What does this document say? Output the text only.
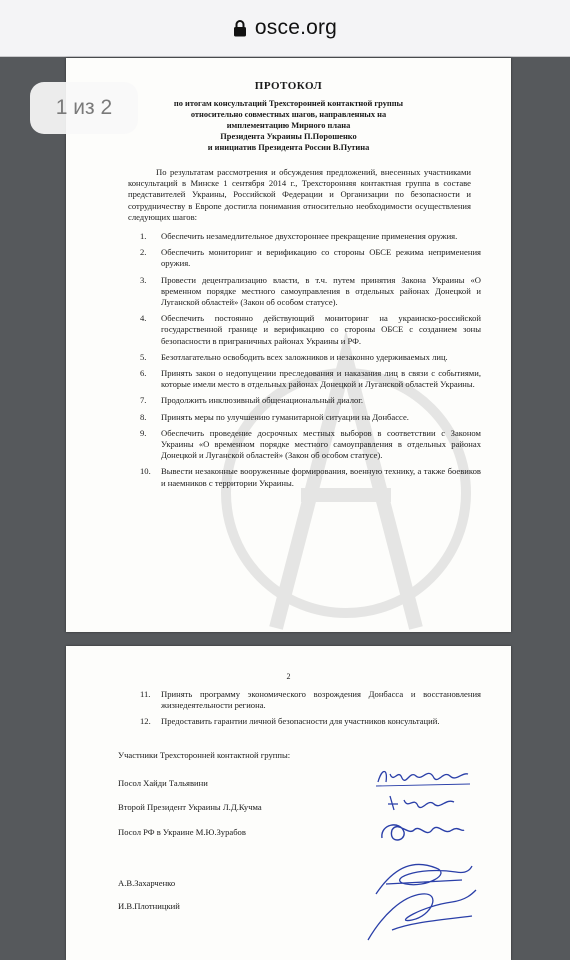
osce.org
ПРОТОКОЛ
по итогам консультаций Трехсторонней контактной группы
относительно совместных шагов, направленных на
имплементацию Мирного плана
Президента Украины П.Порошенко
и инициатив Президента России В.Путина
По результатам рассмотрения и обсуждения предложений, внесенных участниками консультаций в Минске 1 сентября 2014 г., Трехсторонняя контактная группа в составе представителей Украины, Российской Федерации и Организации по безопасности и сотрудничеству в Европе достигла понимания относительно необходимости осуществления следующих шагов:
1. Обеспечить незамедлительное двухстороннее прекращение применения оружия.
2. Обеспечить мониторинг и верификацию со стороны ОБСЕ режима неприменения оружия.
3. Провести децентрализацию власти, в т.ч. путем принятия Закона Украины «О временном порядке местного самоуправления в отдельных районах Донецкой и Луганской областей» (Закон об особом статусе).
4. Обеспечить постоянно действующий мониторинг на украинско-российской государственной границе и верификацию со стороны ОБСЕ с созданием зоны безопасности в приграничных районах Украины и РФ.
5. Безотлагательно освободить всех заложников и незаконно удерживаемых лиц.
6. Принять закон о недопущении преследования и наказания лиц в связи с событиями, которые имели место в отдельных районах Донецкой и Луганской областей Украины.
7. Продолжить инклюзивный общенациональный диалог.
8. Принять меры по улучшению гуманитарной ситуации на Донбассе.
9. Обеспечить проведение досрочных местных выборов в соответствии с Законом Украины «О временном порядке местного самоуправления в отдельных районах Донецкой и Луганской областей» (Закон об особом статусе).
10. Вывести незаконные вооруженные формирования, военную технику, а также боевиков и наемников с территории Украины.
1 из 2
2
11. Принять программу экономического возрождения Донбасса и восстановления жизнедеятельности региона.
12. Предоставить гарантии личной безопасности для участников консультаций.
Участники Трехсторонней контактной группы:
Посол Хайди Тальявини
Второй Президент Украины Л.Д.Кучма
Посол РФ в Украине М.Ю.Зурабов
А.В.Захарченко
И.В.Плотницкий
